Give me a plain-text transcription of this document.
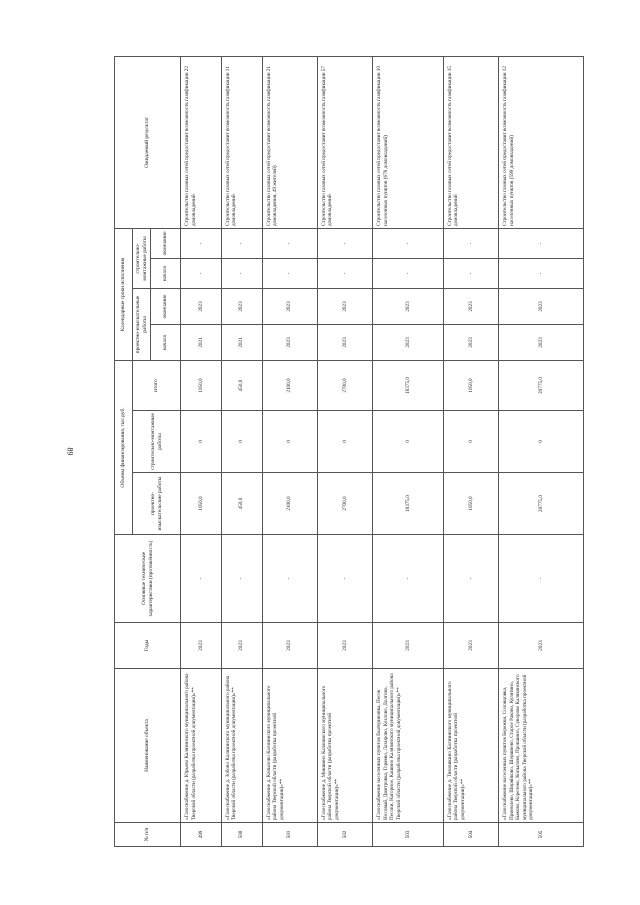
89
№ п/п	Наименование объекта	Годы	Основные технические характеристики (протяжённость)	Объемы финансирования, тыс.руб.			Календарные сроки исполнения				Ожидаемый результат
				проектно-изыскательские работы	строительно-монтажные работы	итого	проектно-изыскательные работы		строительно-монтажные работы		
							начало	окончание	начало	окончание	
499	«Газоснабжение д. Юрьево Калязинского муниципального района Тверской области (разработка проектной документации)»**	2023	-	1050,0	0	1050,0	2021	2023	-	-	Строительство газовых сетей предоставит возможность газификации 22 домовладений
500	«Газоснабжение д. Зобово Калязинского муниципального района Тверской области (разработка проектной документации)»**	2023	-	450,0	0	450,0	2021	2023	-	-	Строительство газовых сетей предоставит возможность газификации 11 домовладений
501	«Газоснабжение д. Копылово Калязинского муниципального района Тверской области (разработка проектной документации)»**	2023	-	2100,0	0	2100,0	2023	2023	-	-	Строительство газовых сетей предоставит возможность газификации 21 домовладения, 49 жителей)
502	«Газоснабжение д. Микшино Калязинского муниципального района Тверской области (разработка проектной документации)»**	2023	-	2700,0	0	2700,0	2023	2023	-	-	Строительство газовых сетей предоставит возможность газификации 57 домовладений
503	«Газоснабжение населенных пунктов Екатериновка, Песок Носовый, Дмитровка, Горяево, Лахирово, Козлово, Долгово, Песоки, Нагорное, Кашино Калязинского муниципального района Тверской области (разработка проектной документации)»**	2023	-	18375,0	0	18375,0	2023	2023	-	-	Строительство газовых сетей предоставит возможность газификации 10 населенных пунктов (678 домовладений)
504	«Газоснабжение д. Тимошкино Калязинского муниципального района Тверской области (разработка проектной документации)»**	2023	-	1050,0	0	1050,0	2023	2023	-	-	Строительство газовых сетей предоставит возможность газификации 15 домовладений
505	«Газоснабжение населенных пунктов Бережки, Соловцовка, Приемлево, Ширяйково, Шершнево, Старое Раково, Кулятино, Быково, Корелево, Копылово, Прокшино, Суворово Калязинского муниципального района Тверской области (разработка проектной документации)»**	2023	-	20775,0	0	20775,0	2023	2023	-	-	Строительство газовых сетей предоставит возможность газификации 12 населенных пунктов (599 домовладений)
